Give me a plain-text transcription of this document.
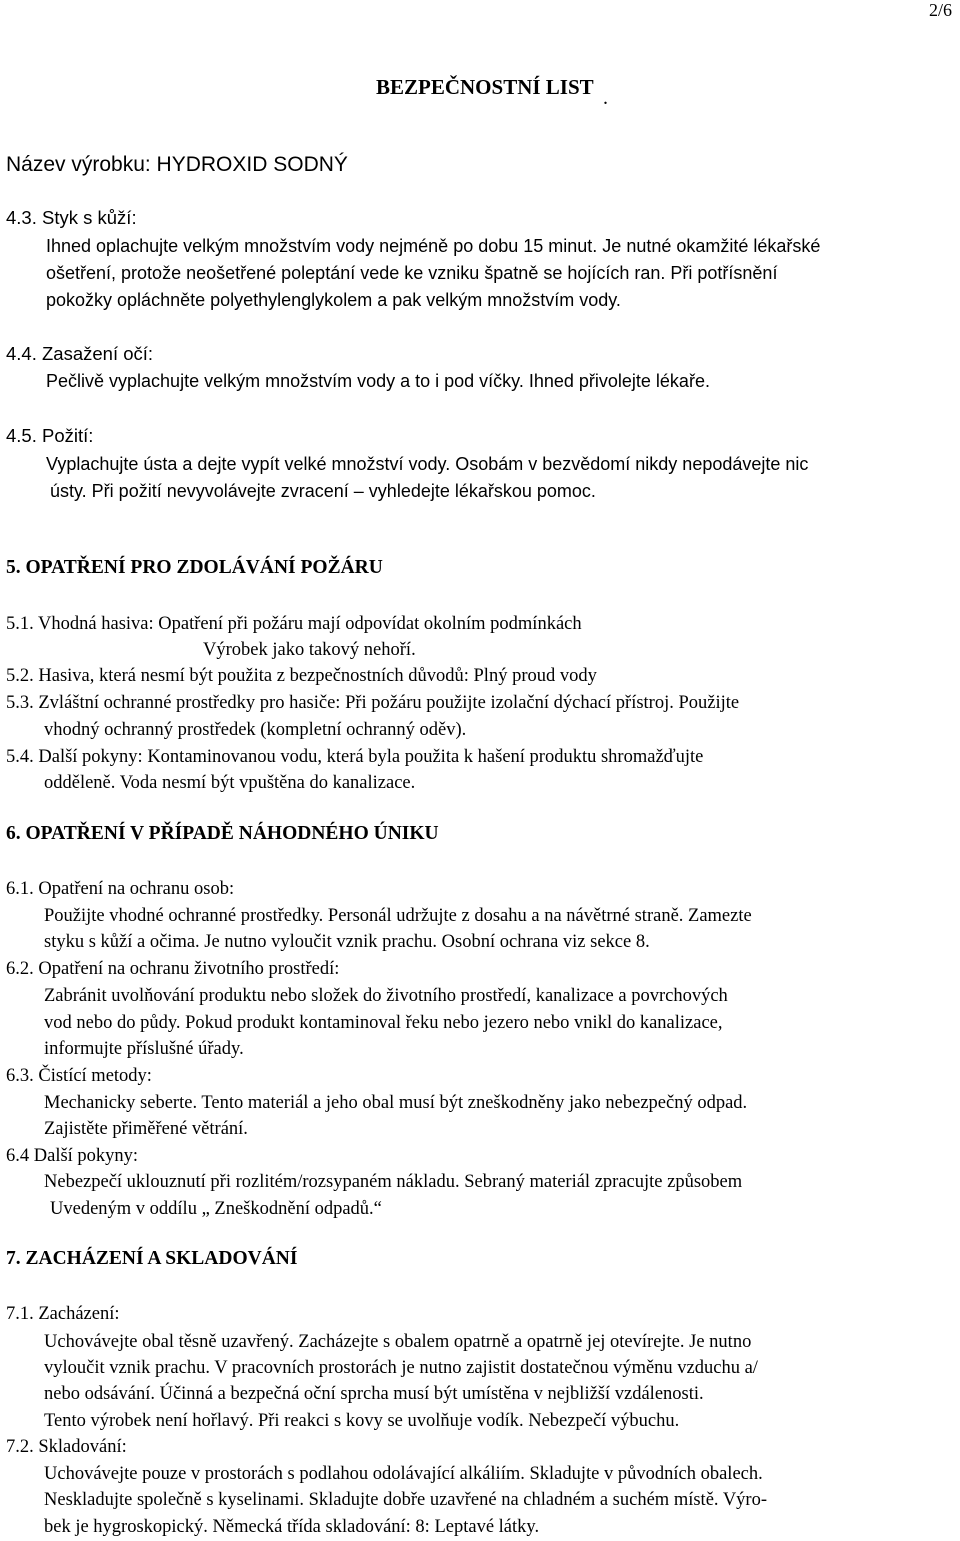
2/6
BEZPEČNOSTNÍ LIST .
Název výrobku: HYDROXID SODNÝ
4.3. Styk s kůží:
Ihned oplachujte velkým množstvím vody nejméně po dobu 15 minut. Je nutné okamžité lékařské
ošetření, protože neošetřené poleptání vede ke vzniku špatně se hojících ran. Při potřísnění
pokožky opláchněte polyethylenglykolem a pak velkým množstvím vody.
4.4. Zasažení očí:
Pečlivě vyplachujte velkým množstvím vody a to i pod víčky. Ihned přivolejte lékaře.
4.5. Požití:
Vyplachujte ústa a dejte vypít velké množství vody. Osobám v bezvědomí nikdy nepodávejte nic
ústy. Při požití nevyvolávejte zvracení – vyhledejte lékařskou pomoc.
5. OPATŘENÍ PRO ZDOLÁVÁNÍ POŽÁRU
5.1. Vhodná hasiva: Opatření při požáru mají odpovídat okolním podmínkách
Výrobek jako takový nehoří.
5.2. Hasiva, která nesmí být použita z bezpečnostních důvodů: Plný proud vody
5.3. Zvláštní ochranné prostředky pro hasiče: Při požáru použijte izolační dýchací přístroj. Použijte
vhodný ochranný prostředek (kompletní ochranný oděv).
5.4. Další pokyny: Kontaminovanou vodu, která byla použita k hašení produktu shromažďujte
odděleně. Voda nesmí být vpuštěna do kanalizace.
6. OPATŘENÍ V PŘÍPADĚ NÁHODNÉHO ÚNIKU
6.1. Opatření na ochranu osob:
Použijte vhodné ochranné prostředky. Personál udržujte z dosahu a na návětrné straně. Zamezte
styku s kůží a očima. Je nutno vyloučit vznik prachu. Osobní ochrana viz sekce 8.
6.2. Opatření na ochranu životního prostředí:
Zabránit uvolňování produktu nebo složek do životního prostředí, kanalizace a povrchových
vod nebo do půdy. Pokud produkt kontaminoval řeku nebo jezero nebo vnikl do kanalizace,
informujte příslušné úřady.
6.3. Čistící metody:
Mechanicky seberte. Tento materiál a jeho obal musí být zneškodněny jako nebezpečný odpad.
Zajistěte přiměřené větrání.
6.4 Další pokyny:
Nebezpečí uklouznutí při rozlitém/rozsypaném nákladu. Sebraný materiál zpracujte způsobem
Uvedeným v oddílu „ Zneškodnění odpadů.“
7. ZACHÁZENÍ A SKLADOVÁNÍ
7.1. Zacházení:
Uchovávejte obal těsně uzavřený. Zacházejte s obalem opatrně a opatrně jej otevírejte. Je nutno
vyloučit vznik prachu. V pracovních prostorách je nutno zajistit dostatečnou výměnu vzduchu a/
nebo odsávání. Účinná a bezpečná oční sprcha musí být umístěna v nejbližší vzdálenosti.
Tento výrobek není hořlavý. Při reakci s kovy se uvolňuje vodík. Nebezpečí výbuchu.
7.2. Skladování:
Uchovávejte pouze v prostorách s podlahou odolávající alkáliím. Skladujte v původních obalech.
Neskladujte společně s kyselinami. Skladujte dobře uzavřené na chladném a suchém místě. Výro-
bek je hygroskopický. Německá třída skladování: 8: Leptavé látky.
